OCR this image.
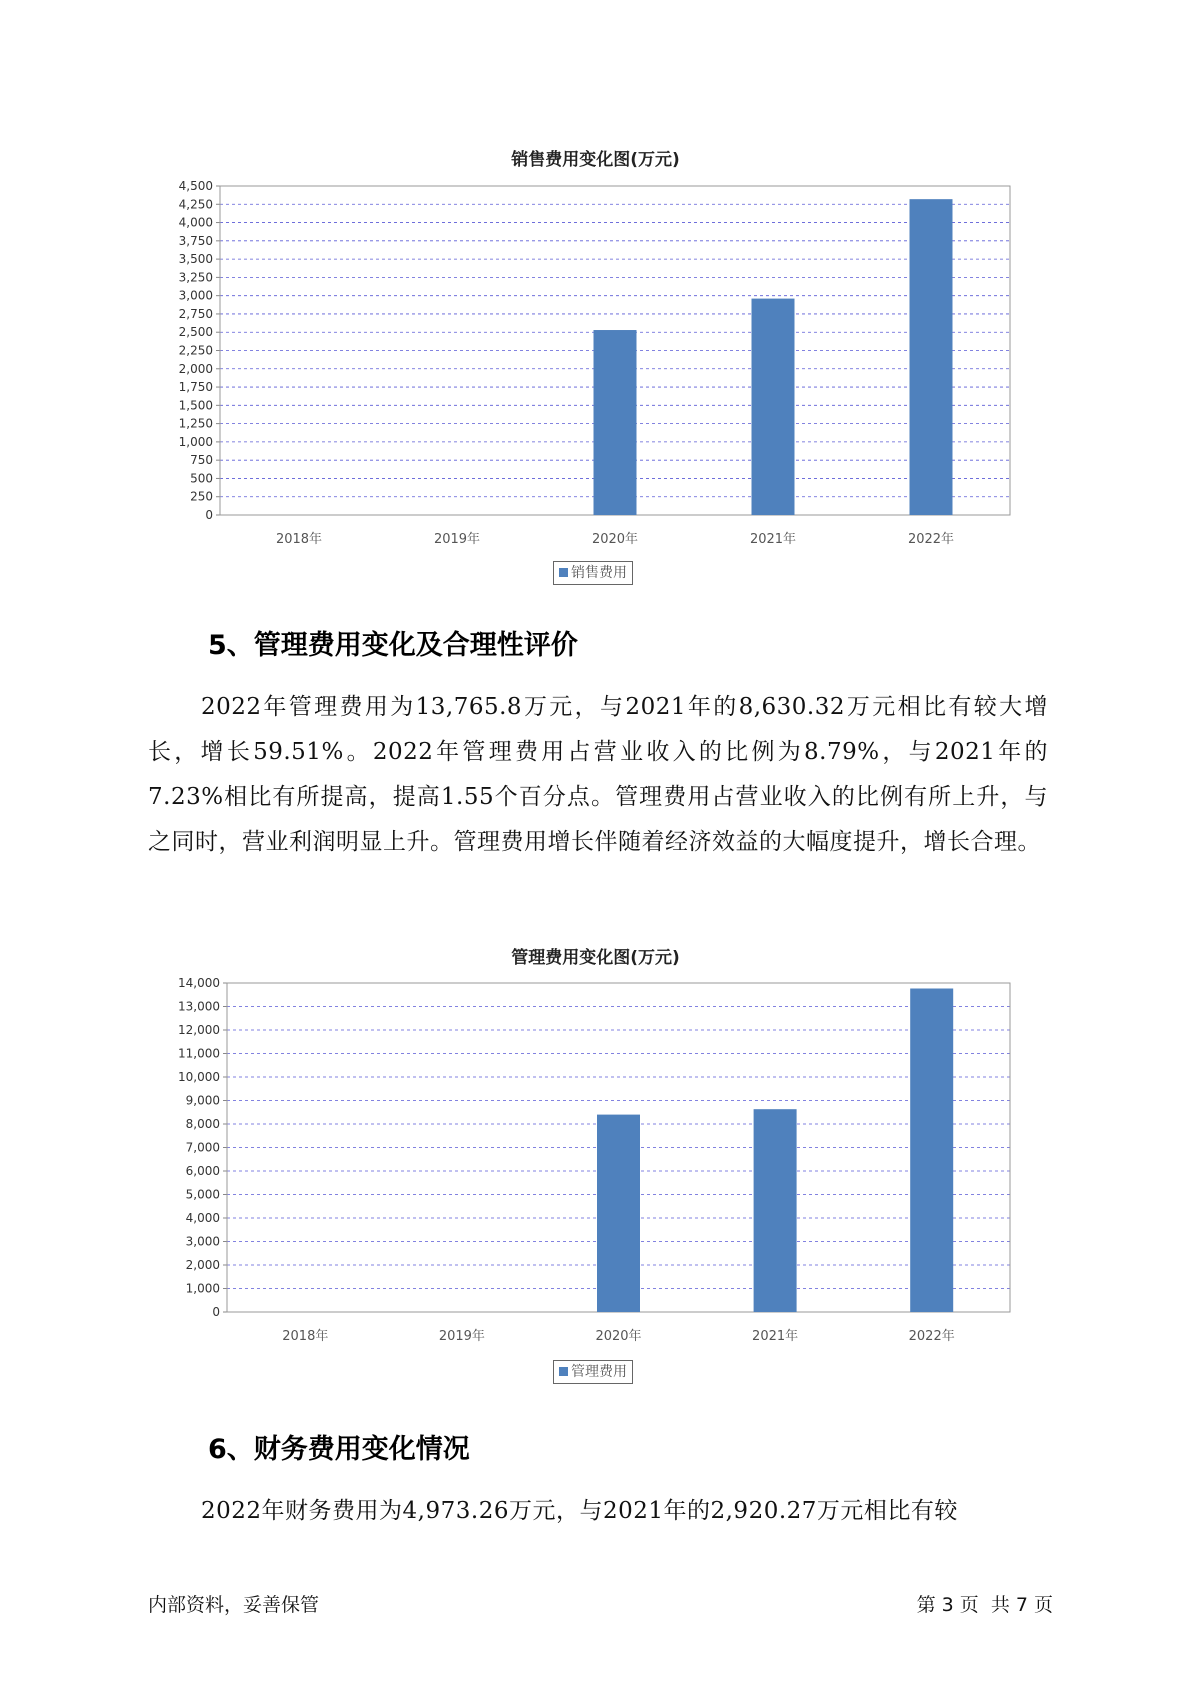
销售费用变化图(万元)
0
250
500
750
1,000
1,250
1,500
1,750
2,000
2,250
2,500
2,750
3,000
3,250
3,500
3,750
4,000
4,250
4,500
2018年	2019年	2020年	2021年	2022年
销售费用
5、管理费用变化及合理性评价

2022年管理费用为13,765.8万元，与2021年的8,630.32万元相比有较大增长，增长59.51%。2022年管理费用占营业收入的比例为8.79%，与2021年的7.23%相比有所提高，提高1.55个百分点。管理费用占营业收入的比例有所上升，与之同时，营业利润明显上升。管理费用增长伴随着经济效益的大幅度提升，增长合理。

管理费用变化图(万元)
0
1,000
2,000
3,000
4,000
5,000
6,000
7,000
8,000
9,000
10,000
11,000
12,000
13,000
14,000
2018年	2019年	2020年	2021年	2022年
管理费用
6、财务费用变化情况

2022年财务费用为4,973.26万元，与2021年的2,920.27万元相比有较

内部资料，妥善保管	第 3 页  共 7 页
